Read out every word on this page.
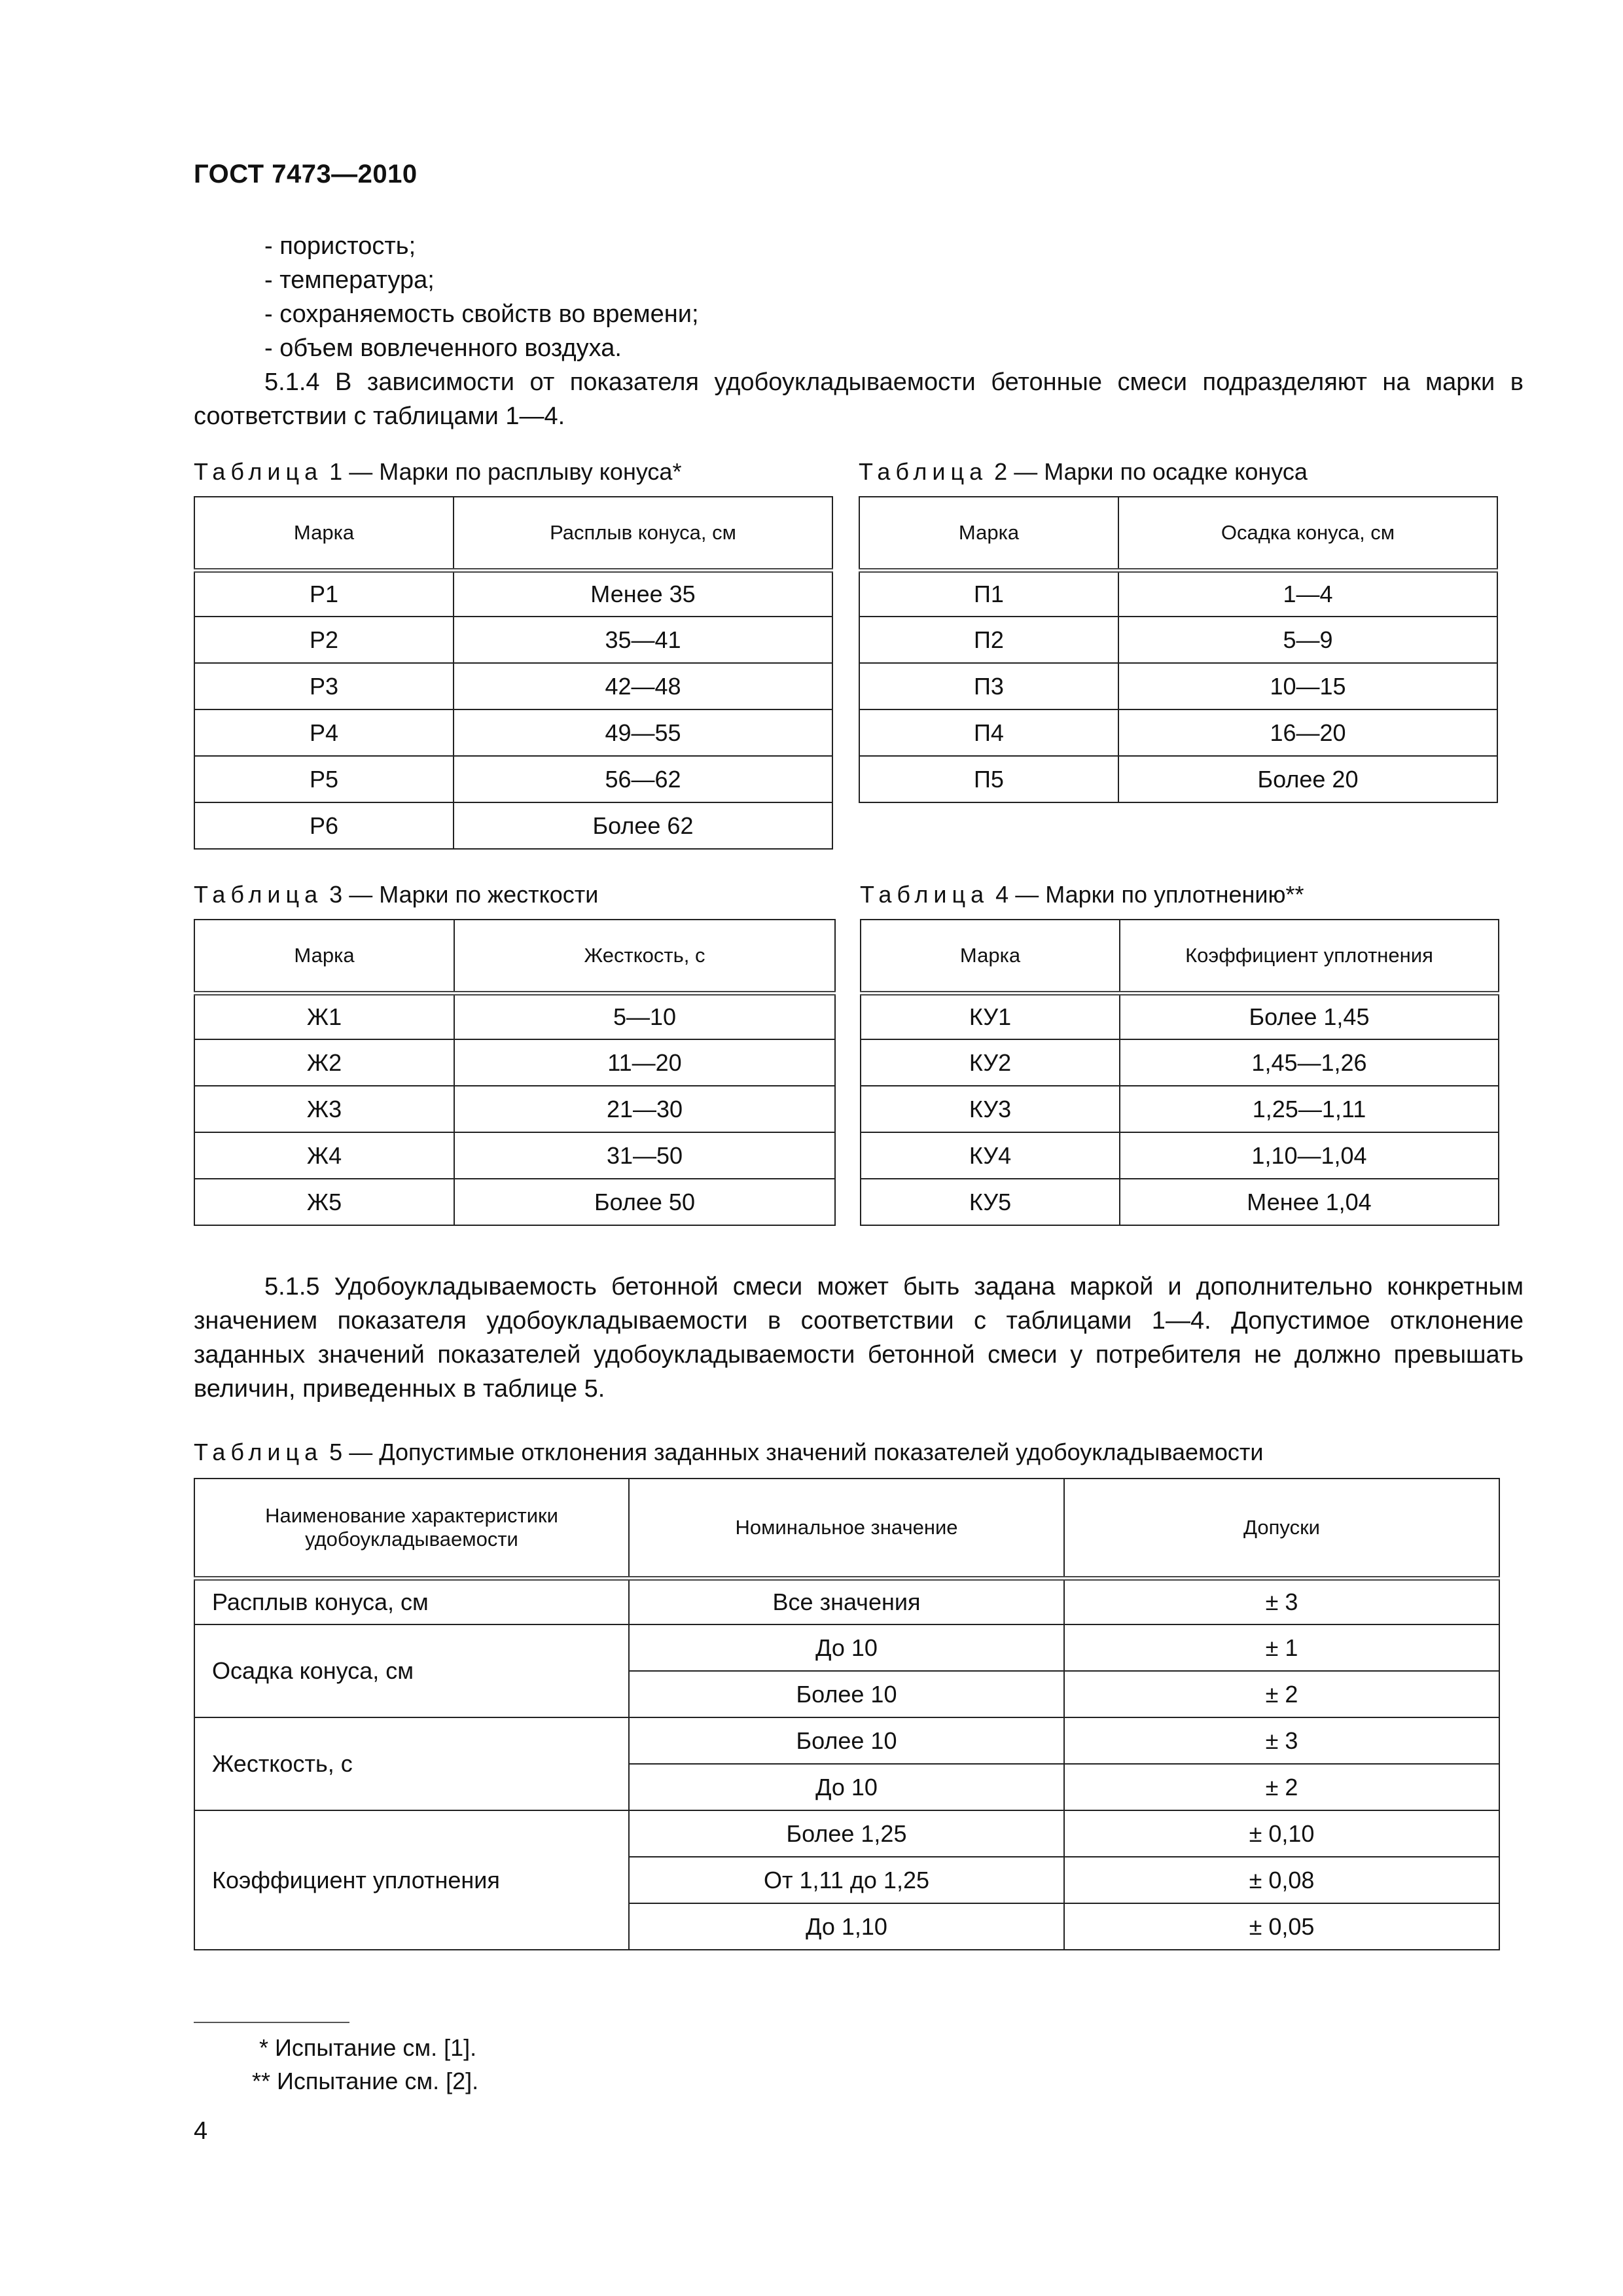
ГОСТ 7473—2010
- пористость;
- температура;
- сохраняемость свойств во времени;
- объем вовлеченного воздуха.
5.1.4 В зависимости от показателя удобоукладываемости бетонные смеси подразделяют на марки в соответствии с таблицами 1—4.
Таблица 1 — Марки по расплыву конуса*
Марка	Расплыв конуса, см
Р1	Менее 35
Р2	35—41
Р3	42—48
Р4	49—55
Р5	56—62
Р6	Более 62
Таблица 2 — Марки по осадке конуса
Марка	Осадка конуса, см
П1	1—4
П2	5—9
П3	10—15
П4	16—20
П5	Более 20
Таблица 3 — Марки по жесткости
Марка	Жесткость, с
Ж1	5—10
Ж2	11—20
Ж3	21—30
Ж4	31—50
Ж5	Более 50
Таблица 4 — Марки по уплотнению**
Марка	Коэффициент уплотнения
КУ1	Более 1,45
КУ2	1,45—1,26
КУ3	1,25—1,11
КУ4	1,10—1,04
КУ5	Менее 1,04
5.1.5 Удобоукладываемость бетонной смеси может быть задана маркой и дополнительно конкретным значением показателя удобоукладываемости в соответствии с таблицами 1—4. Допустимое отклонение заданных значений показателей удобоукладываемости бетонной смеси у потребителя не должно превышать величин, приведенных в таблице 5.
Таблица 5 — Допустимые отклонения заданных значений показателей удобоукладываемости
Наименование характеристики удобоукладываемости	Номинальное значение	Допуски
Расплыв конуса, см	Все значения	± 3
Осадка конуса, см	До 10	± 1
	Более 10	± 2
Жесткость, с	Более 10	± 3
	До 10	± 2
Коэффициент уплотнения	Более 1,25	± 0,10
	От 1,11 до 1,25	± 0,08
	До 1,10	± 0,05
* Испытание см. [1].
** Испытание см. [2].
4
